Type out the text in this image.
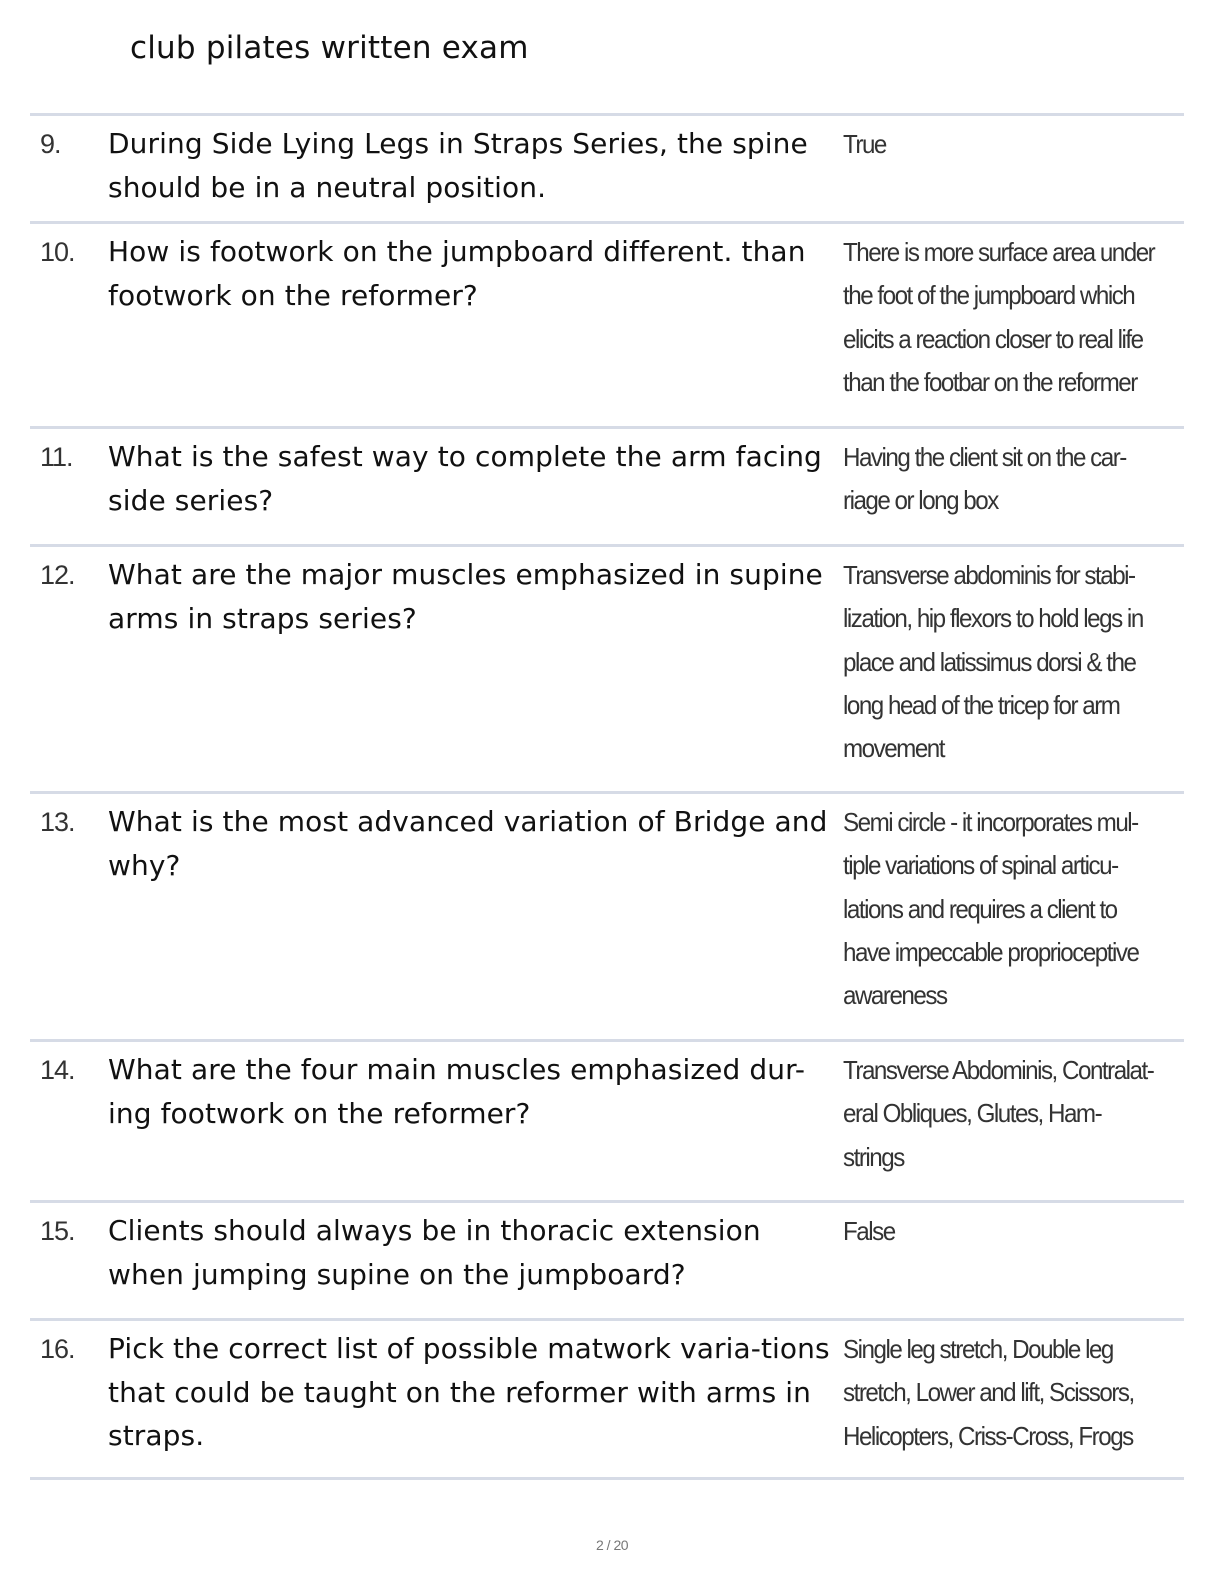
club pilates written exam
9. During Side Lying Legs in Straps Series, the spine should be in a neutral position.
True
10. How is footwork on the jumpboard different. than footwork on the reformer?
There is more surface area under the foot of the jumpboard which elicits a reaction closer to real life than the footbar on the reformer
11. What is the safest way to complete the arm facing side series?
Having the client sit on the car-riage or long box
12. What are the major muscles emphasized in supine arms in straps series?
Transverse abdominis for stabi-lization, hip flexors to hold legs in place and latissimus dorsi & the long head of the tricep for arm movement
13. What is the most advanced variation of Bridge and why?
Semi circle - it incorporates mul-tiple variations of spinal articu-lations and requires a client to have impeccable proprioceptive awareness
14. What are the four main muscles emphasized dur-ing footwork on the reformer?
Transverse Abdominis, Contralat-eral Obliques, Glutes, Ham-strings
15. Clients should always be in thoracic extension when jumping supine on the jumpboard?
False
16. Pick the correct list of possible matwork varia-tions that could be taught on the reformer with arms in straps.
Single leg stretch, Double leg stretch, Lower and lift, Scissors, Helicopters, Criss-Cross, Frogs
2 / 20
